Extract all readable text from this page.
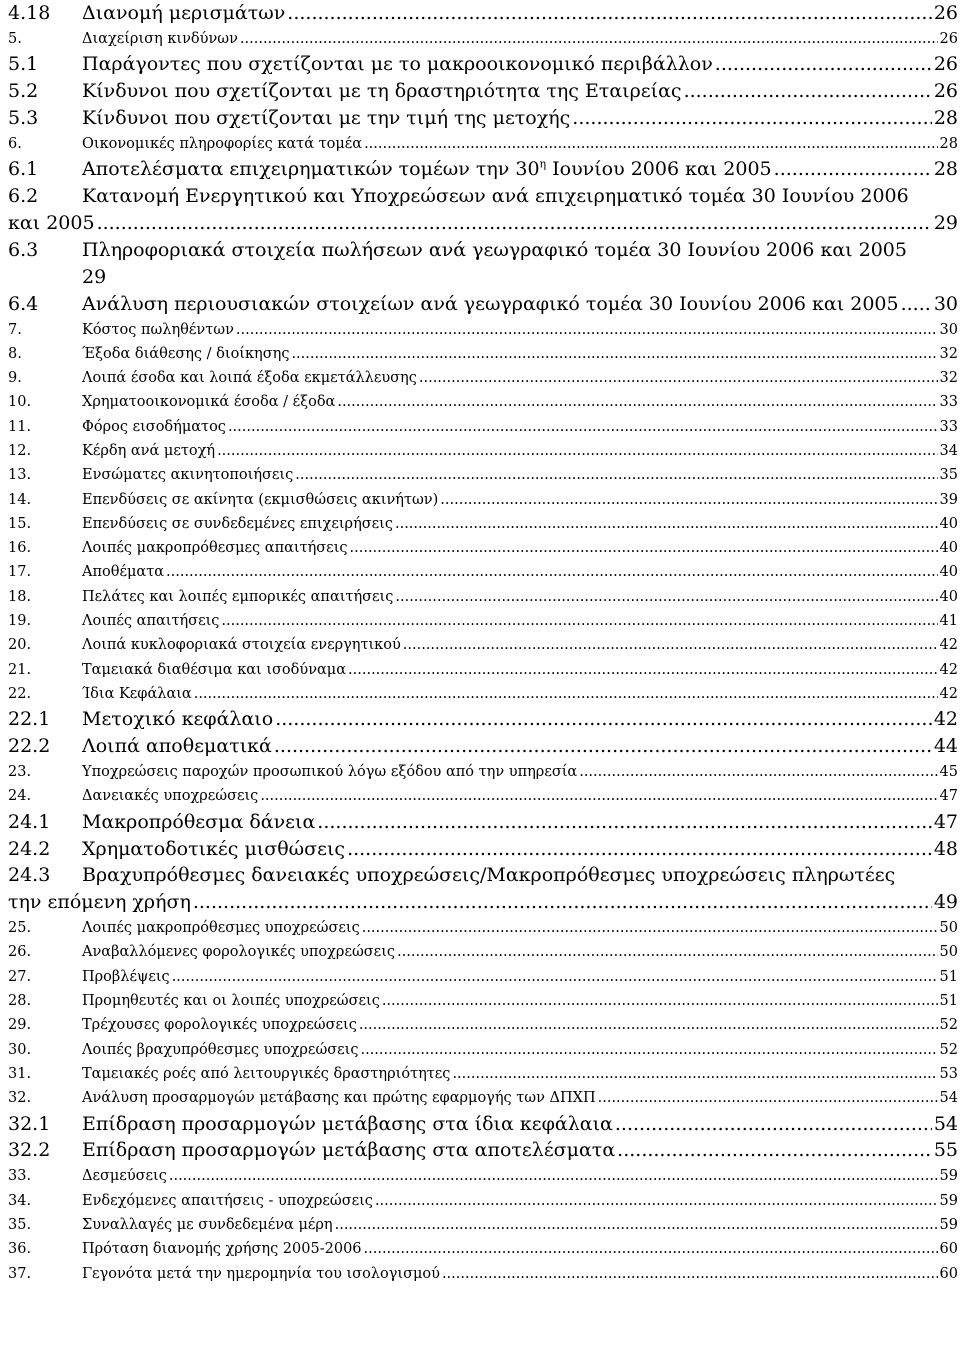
4.18	Διανομή μερισμάτων .....	26
5.	Διαχείριση κινδύνων .....	26
5.1	Παράγοντες που σχετίζονται με το μακροοικονομικό περιβάλλον .....	26
5.2	Κίνδυνοι που σχετίζονται με τη δραστηριότητα της Εταιρείας .....	26
5.3	Κίνδυνοι που σχετίζονται με την τιμή της μετοχής .....	28
6.	Οικονομικές πληροφορίες κατά τομέα .....	28
6.1	Αποτελέσματα επιχειρηματικών τομέων την $30^\eta$ Ιουνίου 2006 και 2005 .....	28
6.2	Κατανομή Ενεργητικού και Υποχρεώσεων ανά επιχειρηματικό τομέα 30 Ιουνίου 2006
και 2005 .....	29
6.3	Πληροφοριακά στοιχεία πωλήσεων ανά γεωγραφικό τομέα 30 Ιουνίου 2006 και 2005
29
6.4	Ανάλυση περιουσιακών στοιχείων ανά γεωγραφικό τομέα 30 Ιουνίου 2006 και 2005 ..... 30
7.	Κόστος πωληθέντων .....	30
8.	Έξοδα διάθεσης / διοίκησης .....	32
9.	Λοιπά έσοδα και λοιπά έξοδα εκμετάλλευσης .....	32
10.	Χρηματοοικονομικά έσοδα / έξοδα .....	33
11.	Φόρος εισοδήματος .....	33
12.	Κέρδη ανά μετοχή .....	34
13.	Ενσώματες ακινητοποιήσεις .....	35
14.	Επενδύσεις σε ακίνητα (εκμισθώσεις ακινήτων) .....	39
15.	Επενδύσεις σε συνδεδεμένες επιχειρήσεις .....	40
16.	Λοιπές μακροπρόθεσμες απαιτήσεις .....	40
17.	Αποθέματα .....	40
18.	Πελάτες και λοιπές εμπορικές απαιτήσεις .....	40
19.	Λοιπές απαιτήσεις .....	41
20.	Λοιπά κυκλοφοριακά στοιχεία ενεργητικού .....	42
21.	Ταμειακά διαθέσιμα και ισοδύναμα .....	42
22.	Ίδια Κεφάλαια .....	42
22.1	Μετοχικό κεφάλαιο .....	42
22.2	Λοιπά αποθεματικά .....	44
23.	Υποχρεώσεις παροχών προσωπικού λόγω εξόδου από την υπηρεσία .....	45
24.	Δανειακές υποχρεώσεις .....	47
24.1	Μακροπρόθεσμα δάνεια .....	47
24.2	Χρηματοδοτικές μισθώσεις .....	48
24.3	Βραχυπρόθεσμες δανειακές υποχρεώσεις/Μακροπρόθεσμες υποχρεώσεις πληρωτέες
την επόμενη χρήση .....	49
25.	Λοιπές μακροπρόθεσμες υποχρεώσεις .....	50
26.	Αναβαλλόμενες φορολογικές υποχρεώσεις .....	50
27.	Προβλέψεις .....	51
28.	Προμηθευτές και οι λοιπές υποχρεώσεις .....	51
29.	Τρέχουσες φορολογικές υποχρεώσεις .....	52
30.	Λοιπές βραχυπρόθεσμες υποχρεώσεις .....	52
31.	Ταμειακές ροές από λειτουργικές δραστηριότητες .....	53
32.	Ανάλυση προσαρμογών μετάβασης και πρώτης εφαρμογής των ΔΠΧΠ .....	54
32.1	Επίδραση προσαρμογών μετάβασης στα ίδια κεφάλαια .....	54
32.2	Επίδραση προσαρμογών μετάβασης στα αποτελέσματα .....	55
33.	Δεσμεύσεις .....	59
34.	Ενδεχόμενες απαιτήσεις - υποχρεώσεις .....	59
35.	Συναλλαγές με συνδεδεμένα μέρη .....	59
36.	Πρόταση διανομής χρήσης 2005-2006 .....	60
37.	Γεγονότα μετά την ημερομηνία του ισολογισμού .....	60
